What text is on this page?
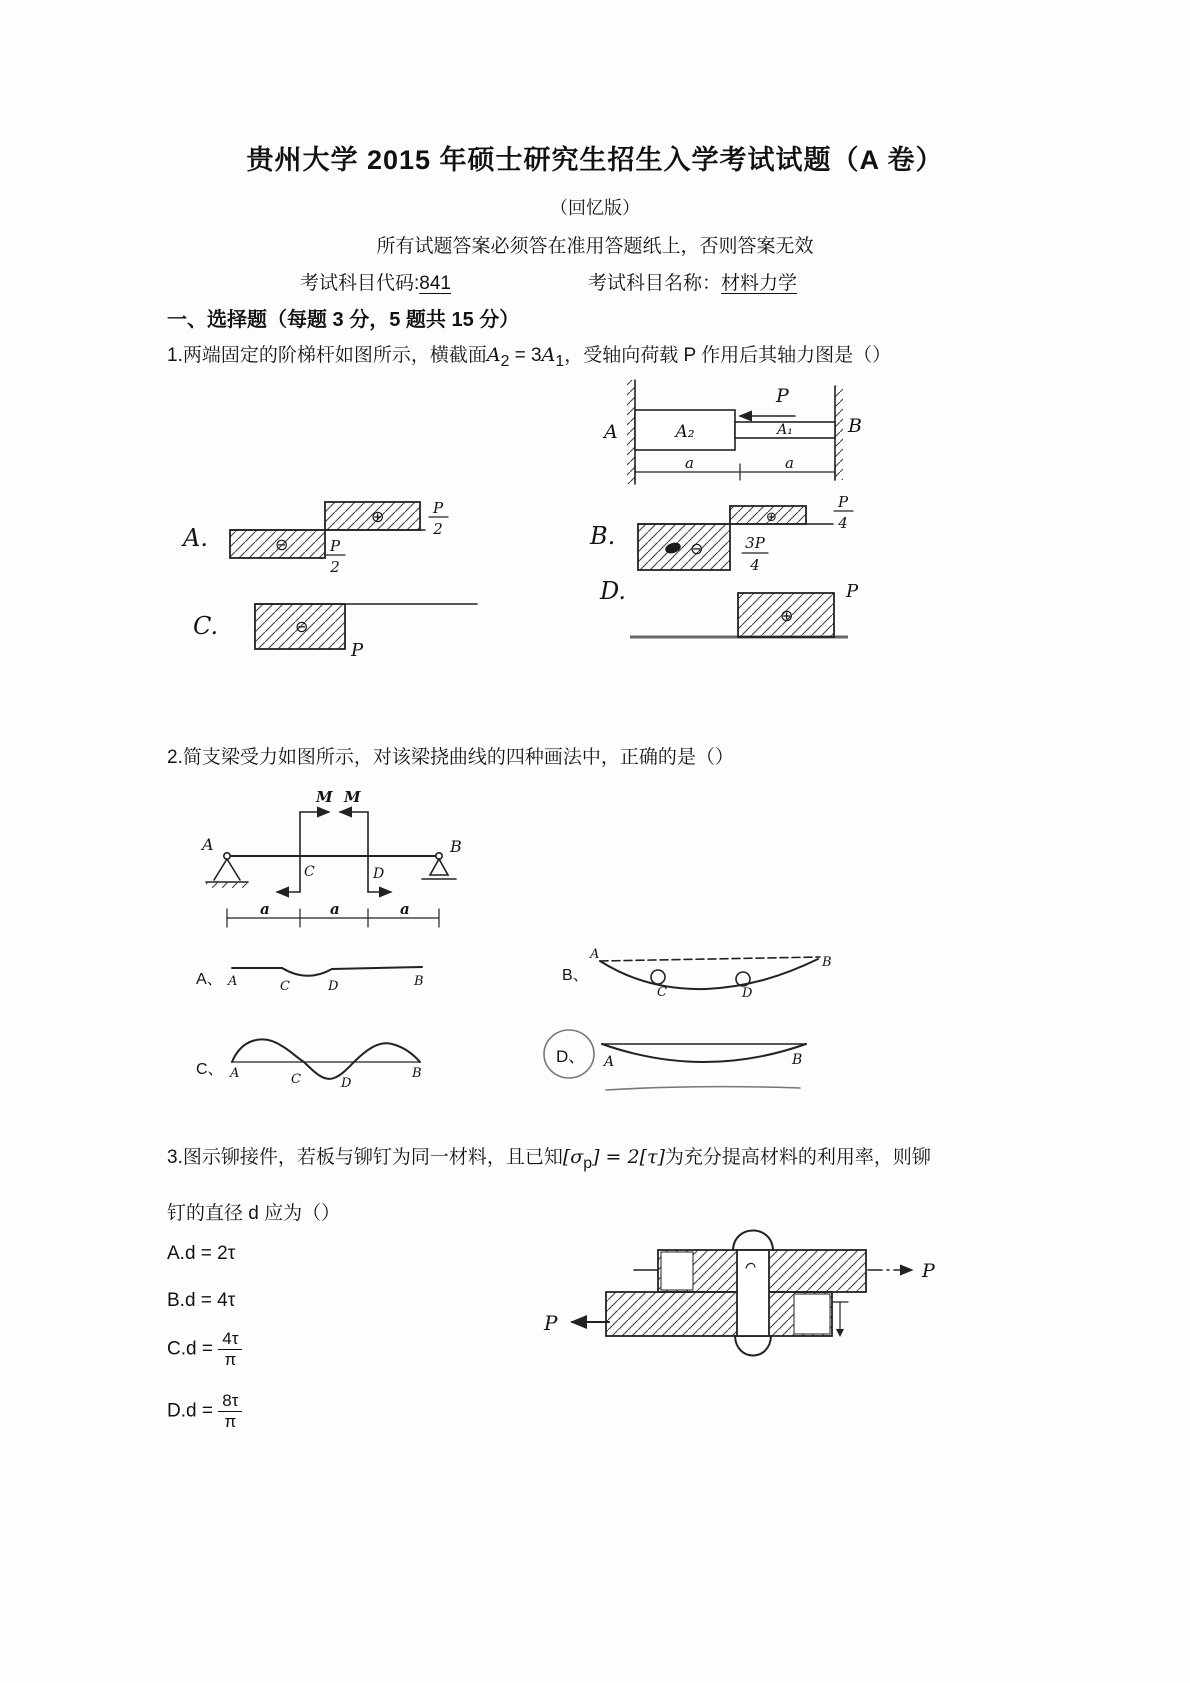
贵州大学 2015 年硕士研究生招生入学考试试题（A 卷）
（回忆版）
所有试题答案必须答在准用答题纸上，否则答案无效
考试科目代码:841	考试科目名称：材料力学
一、选择题（每题 3 分，5 题共 15 分）
1.两端固定的阶梯杆如图所示，横截面$A_2 = 3A_1$，受轴向荷载 P 作用后其轴力图是（）
P
A₂	A₁
A	B
a	a
A.	⊖
⊕	P
2
P
2
B.	⊖
⊕
P
4
3P
4
C.	⊖
P
D.
⊕
P
2.简支梁受力如图所示，对该梁挠曲线的四种画法中，正确的是（）
A	B
C	D
M M
a	a	a
A、 A	C	D	B	B、
A
C	D
B
C、 A	C	D
B
D、 A	B
3.图示铆接件，若板与铆钉为同一材料，且已知$[\sigma_p] = 2[\tau]$为充分提高材料的利用率，则铆
钉的直径 d 应为（）
A.d = 2τ
B.d = 4τ
$C.d = \frac{4\tau}{\pi}$
$D.d = \frac{8\tau}{\pi}$
P
P
